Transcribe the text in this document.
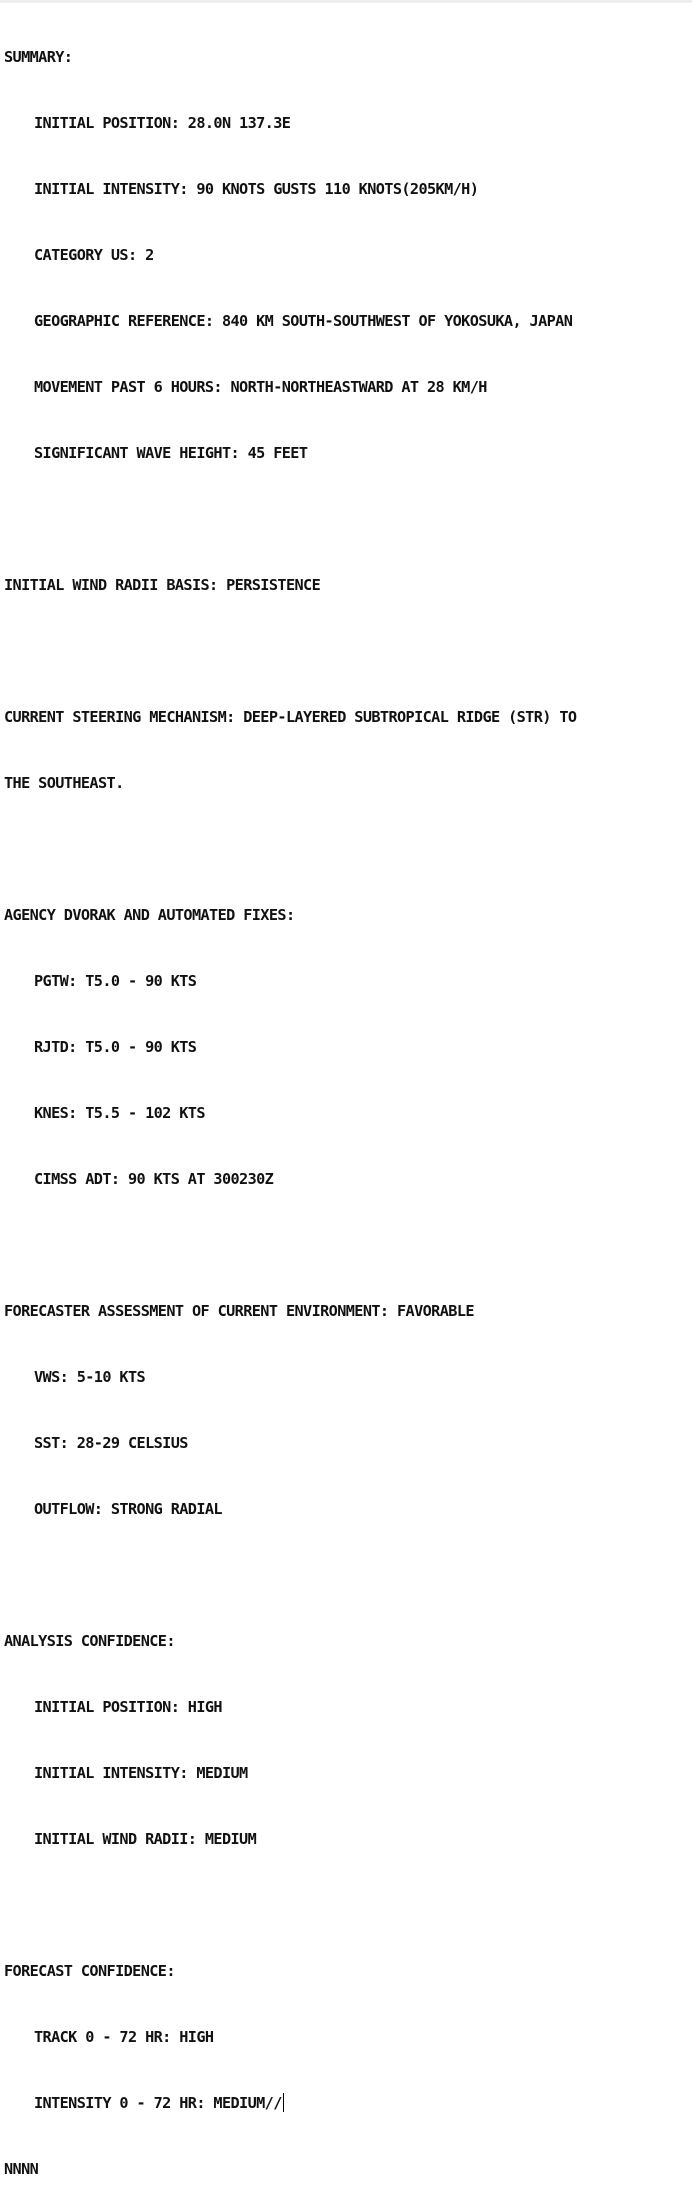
SUMMARY:

INITIAL POSITION: 28.0N 137.3E

INITIAL INTENSITY: 90 KNOTS GUSTS 110 KNOTS(205KM/H)

CATEGORY US: 2

GEOGRAPHIC REFERENCE: 840 KM SOUTH-SOUTHWEST OF YOKOSUKA, JAPAN

MOVEMENT PAST 6 HOURS: NORTH-NORTHEASTWARD AT 28 KM/H

SIGNIFICANT WAVE HEIGHT: 45 FEET

INITIAL WIND RADII BASIS: PERSISTENCE

CURRENT STEERING MECHANISM: DEEP-LAYERED SUBTROPICAL RIDGE (STR) TO

THE SOUTHEAST.

AGENCY DVORAK AND AUTOMATED FIXES:

PGTW: T5.0 - 90 KTS

RJTD: T5.0 - 90 KTS

KNES: T5.5 - 102 KTS

CIMSS ADT: 90 KTS AT 300230Z

FORECASTER ASSESSMENT OF CURRENT ENVIRONMENT: FAVORABLE

VWS: 5-10 KTS

SST: 28-29 CELSIUS

OUTFLOW: STRONG RADIAL

ANALYSIS CONFIDENCE:

INITIAL POSITION: HIGH

INITIAL INTENSITY: MEDIUM

INITIAL WIND RADII: MEDIUM

FORECAST CONFIDENCE:

TRACK 0 - 72 HR: HIGH

INTENSITY 0 - 72 HR: MEDIUM//

NNNN
